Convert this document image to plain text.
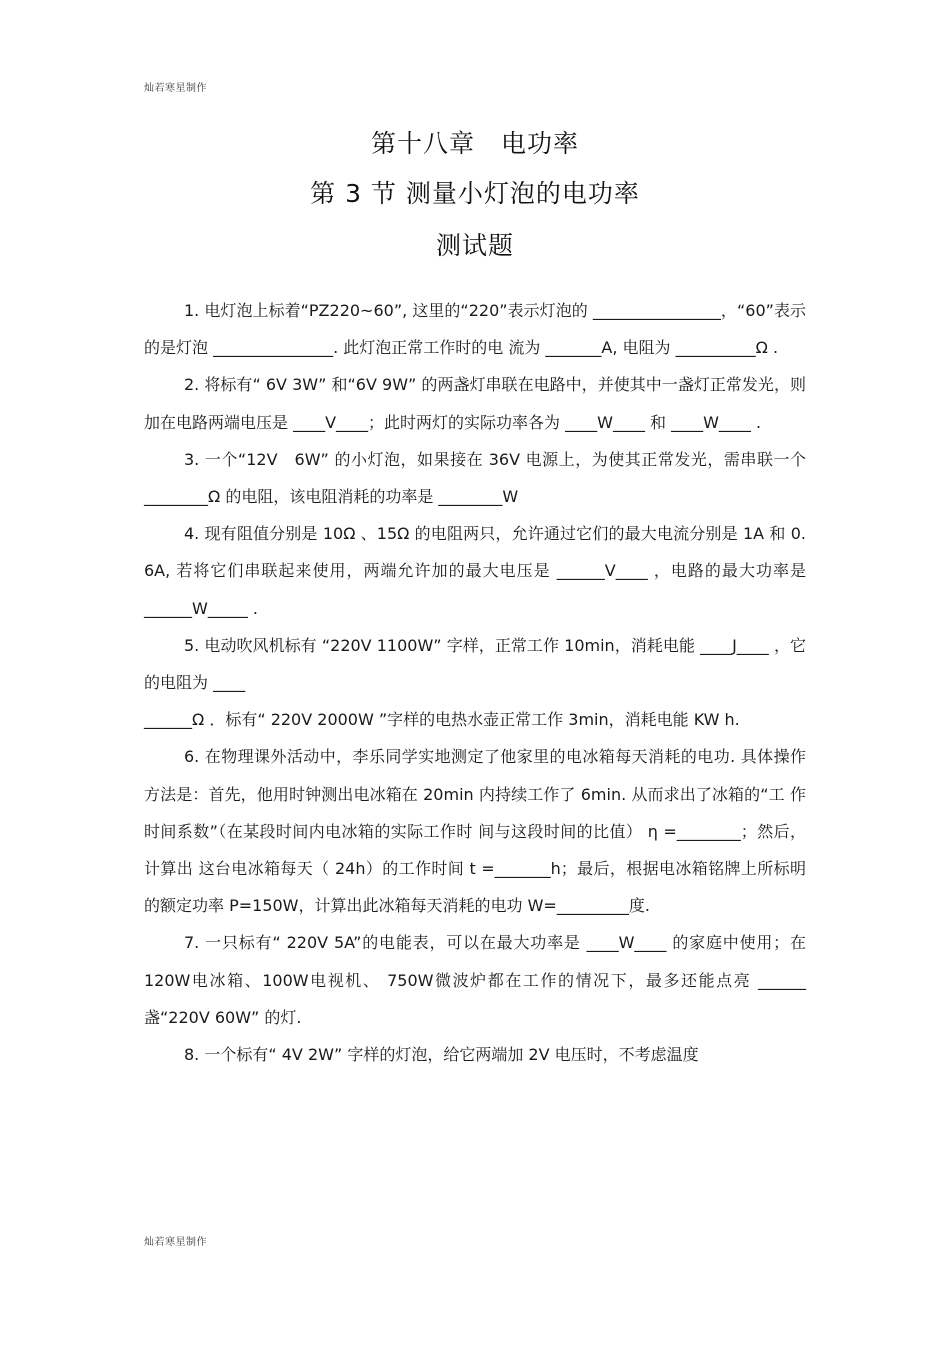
灿若寒星制作
第十八章　电功率
第 3 节 测量小灯泡的电功率
测试题

1. 电灯泡上标着“PZ220~60”, 这里的“220”表示灯泡的 ________________，“60”表示 的是灯泡 _______________. 此灯泡正常工作时的电 流为 _______A, 电阻为 __________Ω .

2. 将标有“ 6V 3W” 和“6V 9W” 的两盏灯串联在电路中，并使其中一盏灯正常发光，则加在电路两端电压是 ____V____；此时两灯的实际功率各为 ____W____ 和 ____W____ .

3. 一个“12V　6W” 的小灯泡，如果接在 36V 电源上，为使其正常发光，需串联一个 ________Ω 的电阻，该电阻消耗的功率是 ________W

4. 现有阻值分别是 10Ω 、15Ω 的电阻两只，允许通过它们的最大电流分别是 1A 和 0. 6A, 若将它们串联起来使用，两端允许加的最大电压是 ______V____ ，电路的最大功率是 ______W_____ .

5. 电动吹风机标有 “220V 1100W” 字样，正常工作 10min，消耗电能 ____J____ ，它的电阻为 ____

______Ω ．标有“ 220V 2000W ”字样的电热水壶正常工作 3min，消耗电能 KW h.

6. 在物理课外活动中，李乐同学实地测定了他家里的电冰箱每天消耗的电功. 具体操作方法是：首先，他用时钟测出电冰箱在 20min 内持续工作了 6min. 从而求出了冰箱的“工 作时间系数”（在某段时间内电冰箱的实际工作时 间与这段时间的比值） η =________；然后，计算出 这台电冰箱每天（ 24h）的工作时间 t =_______h；最后，根据电冰箱铭牌上所标明的额定功率 P=150W，计算出此冰箱每天消耗的电功 W=_________度.

7. 一只标有“ 220V 5A”的电能表，可以在最大功率是 ____W____ 的家庭中使用；在 120W电冰箱、100W电视机、 750W微波炉都在工作的情况下，最多还能点亮 ______ 盏“220V 60W” 的灯.

8. 一个标有“ 4V 2W” 字样的灯泡，给它两端加 2V 电压时，不考虑温度

灿若寒星制作
